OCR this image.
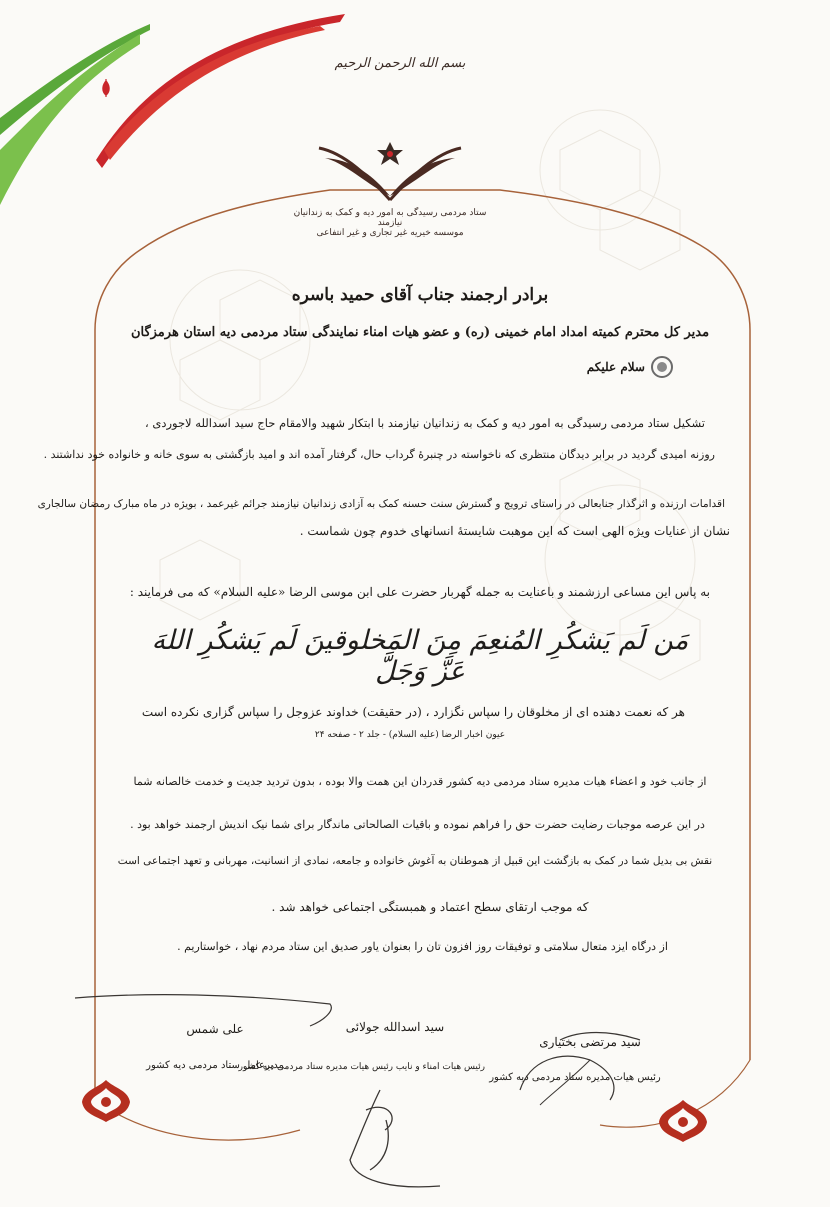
بسم الله الرحمن الرحیم
ستاد مردمی رسیدگی به امور دیه و کمک به زندانیان نیازمند
موسسه خیریه غیر تجاری و غیر انتفاعی
برادر ارجمند جناب آقای حمید باسره
مدیر کل محترم کمیته امداد امام خمینی (ره) و عضو هیات امناء نمایندگی ستاد مردمی دیه استان هرمزگان
سلام علیکم
تشکیل ستاد مردمی رسیدگی به امور دیه و کمک به زندانیان نیازمند با ابتکار شهید والامقام حاج سید اسدالله لاجوردی ،
روزنه امیدی گردید در برابر دیدگان منتظری که ناخواسته در چنبرهٔ گرداب حال، گرفتار آمده اند و امید بازگشتی به سوی خانه و خانواده خود نداشتند .
اقدامات ارزنده و اثرگذار جنابعالی در راستای ترویج و گسترش سنت حسنه کمک به آزادی زندانیان نیازمند جرائم غیرعمد ، بویژه در ماه مبارک رمضان سالجاری
نشان از عنایات ویژه الهی است که این موهبت شایستهٔ انسانهای خدوم چون شماست .
به پاس این مساعی ارزشمند و باعنایت به جمله گهربار حضرت علی ابن موسی الرضا «علیه السلام» که می فرمایند :
مَن لَم یَشکُرِ المُنعِمَ مِنَ المَخلوقینَ لَم یَشکُرِ اللهَ عَزَّ وَجَلَّ
هر که نعمت دهنده ای از مخلوقان را سپاس نگزارد ، (در حقیقت) خداوند عزوجل را سپاس گزاری نکرده است
عیون اخبار الرضا (علیه السلام) - جلد ۲ - صفحه ۲۴
از جانب خود و اعضاء هیات مدیره ستاد مردمی دیه کشور قدردان این همت والا بوده ، بدون تردید جدیت و خدمت خالصانه شما
در این عرصه موجبات رضایت حضرت حق را فراهم نموده و باقیات الصالحاتی ماندگار برای شما نیک اندیش ارجمند خواهد بود .
نقش بی بدیل شما در کمک به بازگشت این قبیل از هموطنان به آغوش خانواده و جامعه، نمادی از انسانیت، مهربانی و تعهد اجتماعی است
که موجب ارتقای سطح اعتماد و همبستگی اجتماعی خواهد شد .
از درگاه ایزد متعال سلامتی و توفیقات روز افزون تان را بعنوان یاور صدیق این ستاد مردم نهاد ، خواستاریم .
سید مرتضی بختیاری
رئیس هیات مدیره ستاد مردمی دیه کشور
سید اسدالله جولائی
رئیس هیات امناء و نایب رئیس هیات مدیره ستاد مردمی دیه کشور
علی شمس
مدیرعامل ستاد مردمی دیه کشور
